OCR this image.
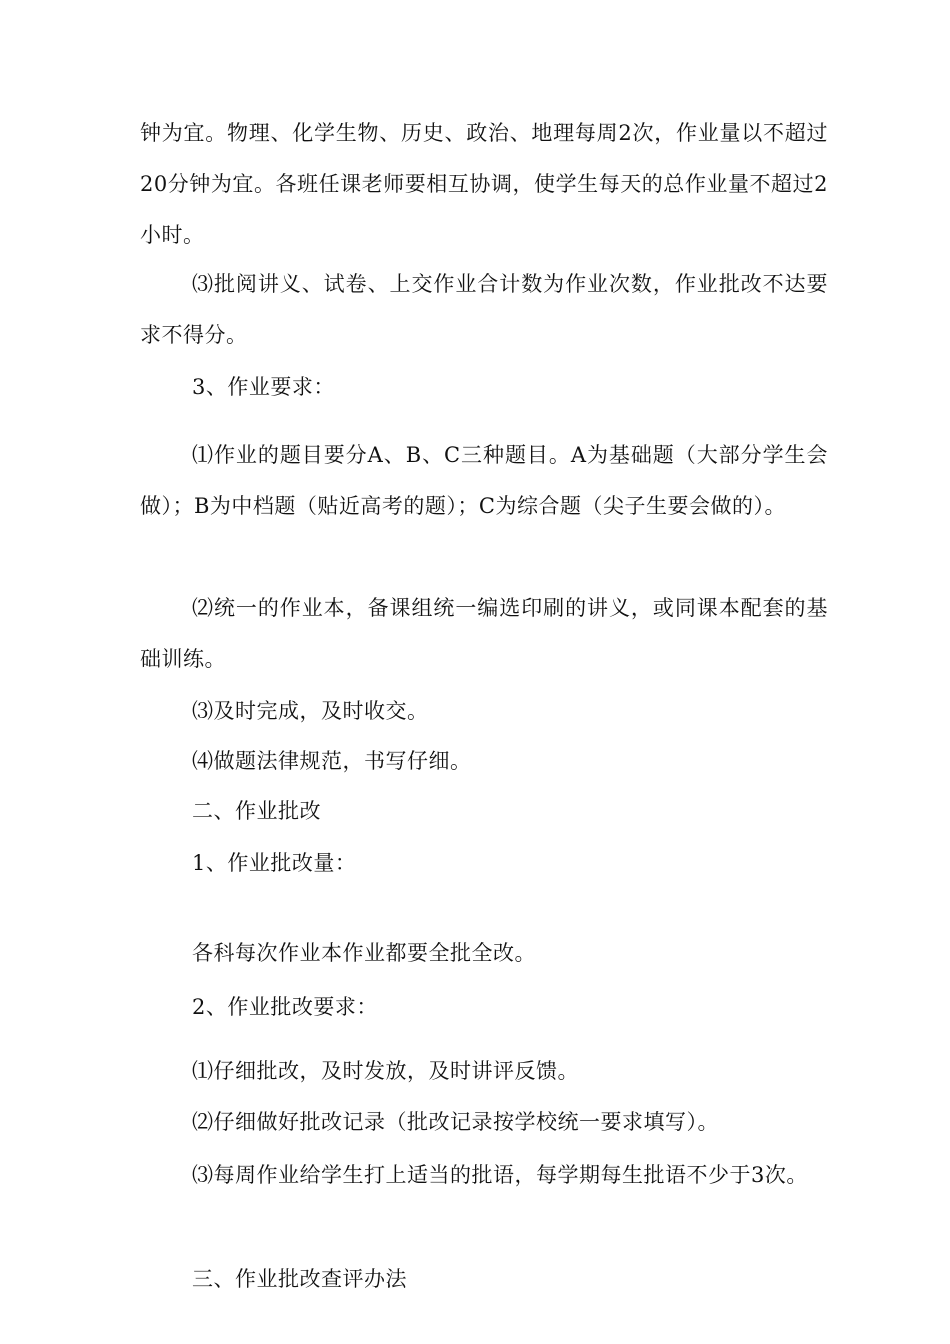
钟为宜。物理、化学生物、历史、政治、地理每周2次，作业量以不超过20分钟为宜。各班任课老师要相互协调，使学生每天的总作业量不超过2小时。

⑶批阅讲义、试卷、上交作业合计数为作业次数，作业批改不达要求不得分。

3、作业要求：

⑴作业的题目要分A、B、C三种题目。A为基础题（大部分学生会做）；B为中档题（贴近高考的题）；C为综合题（尖子生要会做的）。

⑵统一的作业本，备课组统一编选印刷的讲义，或同课本配套的基础训练。

⑶及时完成，及时收交。

⑷做题法律规范，书写仔细。

二、作业批改

1、作业批改量：

各科每次作业本作业都要全批全改。

2、作业批改要求：

⑴仔细批改，及时发放，及时讲评反馈。

⑵仔细做好批改记录（批改记录按学校统一要求填写）。

⑶每周作业给学生打上适当的批语，每学期每生批语不少于3次。

三、作业批改查评办法
